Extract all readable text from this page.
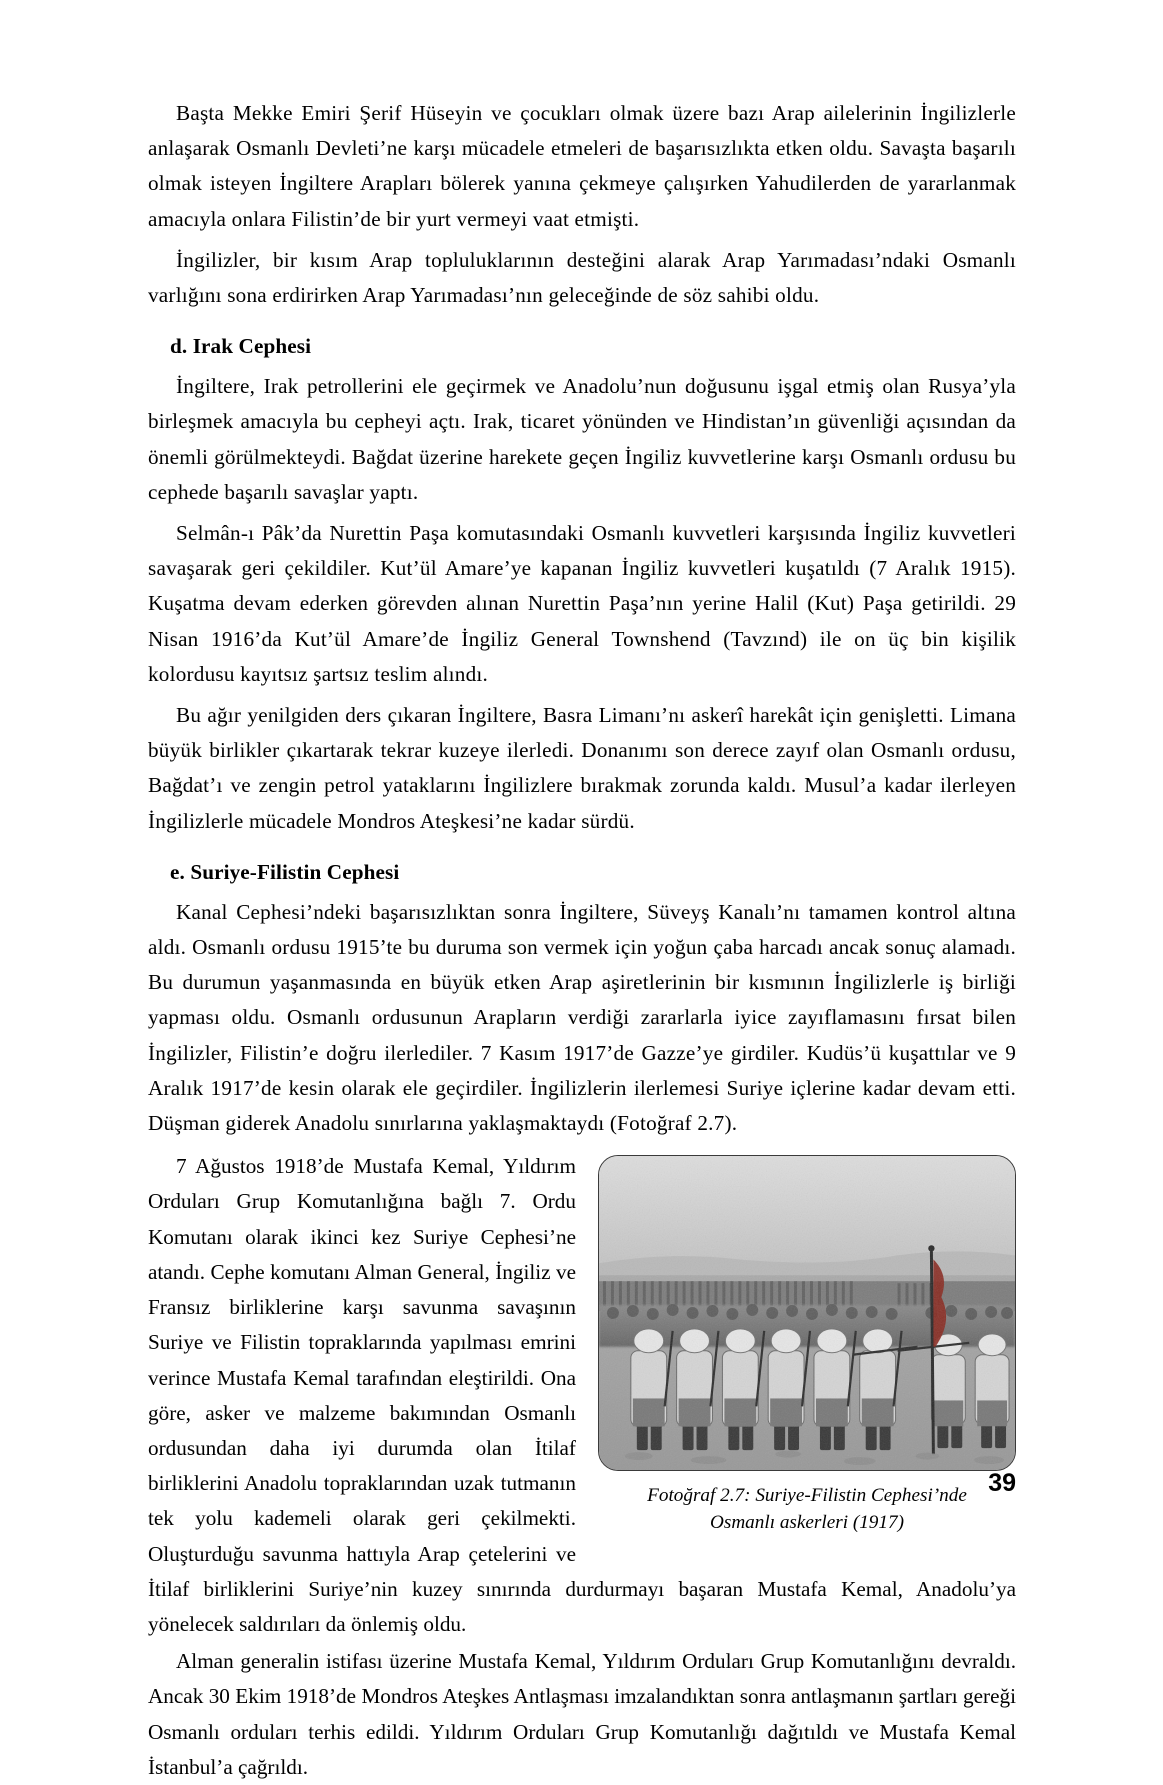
Başta Mekke Emiri Şerif Hüseyin ve çocukları olmak üzere bazı Arap ailelerinin İngilizlerle anlaşarak Osmanlı Devleti’ne karşı mücadele etmeleri de başarısızlıkta etken oldu. Savaşta başarılı olmak isteyen İngiltere Arapları bölerek yanına çekmeye çalışırken Yahudilerden de yararlanmak amacıyla onlara Filistin’de bir yurt vermeyi vaat etmişti.

İngilizler, bir kısım Arap topluluklarının desteğini alarak Arap Yarımadası’ndaki Osmanlı varlığını sona erdirirken Arap Yarımadası’nın geleceğinde de söz sahibi oldu.

d. Irak Cephesi

İngiltere, Irak petrollerini ele geçirmek ve Anadolu’nun doğusunu işgal etmiş olan Rusya’yla birleşmek amacıyla bu cepheyi açtı. Irak, ticaret yönünden ve Hindistan’ın güvenliği açısından da önemli görülmekteydi. Bağdat üzerine harekete geçen İngiliz kuvvetlerine karşı Osmanlı ordusu bu cephede başarılı savaşlar yaptı.

Selmân-ı Pâk’da Nurettin Paşa komutasındaki Osmanlı kuvvetleri karşısında İngiliz kuvvetleri savaşarak geri çekildiler. Kut’ül Amare’ye kapanan İngiliz kuvvetleri kuşatıldı (7 Aralık 1915). Kuşatma devam ederken görevden alınan Nurettin Paşa’nın yerine Halil (Kut) Paşa getirildi. 29 Nisan 1916’da Kut’ül Amare’de İngiliz General Townshend (Tavzınd) ile on üç bin kişilik kolordusu kayıtsız şartsız teslim alındı.

Bu ağır yenilgiden ders çıkaran İngiltere, Basra Limanı’nı askerî harekât için genişletti. Limana büyük birlikler çıkartarak tekrar kuzeye ilerledi. Donanımı son derece zayıf olan Osmanlı ordusu, Bağdat’ı ve zengin petrol yataklarını İngilizlere bırakmak zorunda kaldı. Musul’a kadar ilerleyen İngilizlerle mücadele Mondros Ateşkesi’ne kadar sürdü.

e. Suriye-Filistin Cephesi

Kanal Cephesi’ndeki başarısızlıktan sonra İngiltere, Süveyş Kanalı’nı tamamen kontrol altına aldı. Osmanlı ordusu 1915’te bu duruma son vermek için yoğun çaba harcadı ancak sonuç alamadı. Bu durumun yaşanmasında en büyük etken Arap aşiretlerinin bir kısmının İngilizlerle iş birliği yapması oldu. Osmanlı ordusunun Arapların verdiği zararlarla iyice zayıflamasını fırsat bilen İngilizler, Filistin’e doğru ilerlediler. 7 Kasım 1917’de Gazze’ye girdiler. Kudüs’ü kuşattılar ve 9 Aralık 1917’de kesin olarak ele geçirdiler. İngilizlerin ilerlemesi Suriye içlerine kadar devam etti. Düşman giderek Anadolu sınırlarına yaklaşmaktaydı (Fotoğraf 2.7).

Fotoğraf 2.7: Suriye-Filistin Cephesi’nde
Osmanlı askerleri (1917)

7 Ağustos 1918’de Mustafa Kemal, Yıldırım Orduları Grup Komutanlığına bağlı 7. Ordu Komutanı olarak ikinci kez Suriye Cephesi’ne atandı. Cephe komutanı Alman General, İngiliz ve Fransız birliklerine karşı savunma savaşının Suriye ve Filistin topraklarında yapılması emrini verince Mustafa Kemal tarafından eleştirildi. Ona göre, asker ve malzeme bakımından Osmanlı ordusundan daha iyi durumda olan İtilaf birliklerini Anadolu topraklarından uzak tutmanın tek yolu kademeli olarak geri çekilmekti. Oluşturduğu savunma hattıyla Arap çetelerini ve İtilaf birliklerini Suriye’nin kuzey sınırında durdurmayı başaran Mustafa Kemal, Anadolu’ya yönelecek saldırıları da önlemiş oldu.

Alman generalin istifası üzerine Mustafa Kemal, Yıldırım Orduları Grup Komutanlığını devraldı. Ancak 30 Ekim 1918’de Mondros Ateşkes Antlaşması imzalandıktan sonra antlaşmanın şartları gereği Osmanlı orduları terhis edildi. Yıldırım Orduları Grup Komutanlığı dağıtıldı ve Mustafa Kemal İstanbul’a çağrıldı.

39
